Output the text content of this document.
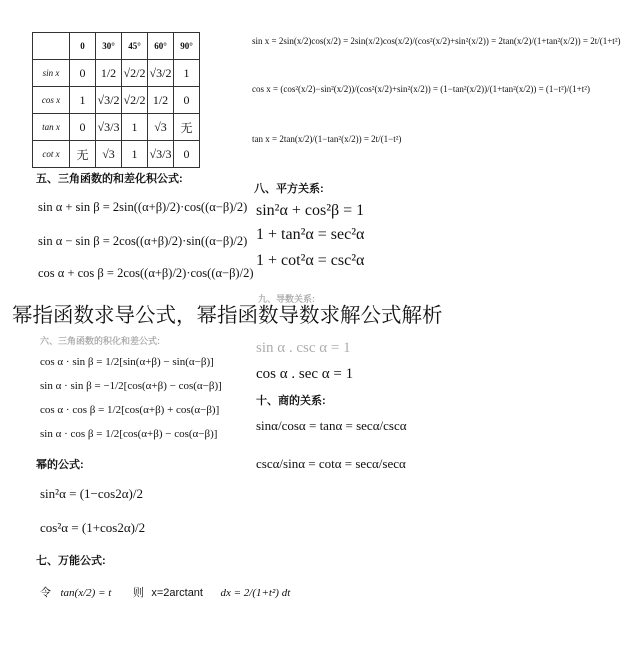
	0	30°	45°	60°	90°
sin x	0	1/2	√2/2	√3/2	1
cos x	1	√3/2	√2/2	1/2	0
tan x	0	√3/3	1	√3	无
cot x	无	√3	1	√3/3	0
sin x = 2sin(x/2)cos(x/2) = 2sin(x/2)cos(x/2)/(cos²(x/2)+sin²(x/2)) = 2tan(x/2)/(1+tan²(x/2)) = 2t/(1+t²)
cos x = (cos²(x/2)−sin²(x/2))/(cos²(x/2)+sin²(x/2)) = (1−tan²(x/2))/(1+tan²(x/2)) = (1−t²)/(1+t²)
tan x = 2tan(x/2)/(1−tan²(x/2)) = 2t/(1−t²)
五、三角函数的和差化积公式:
sin α + sin β = 2sin((α+β)/2)·cos((α−β)/2)
sin α − sin β = 2cos((α+β)/2)·sin((α−β)/2)
cos α + cos β = 2cos((α+β)/2)·cos((α−β)/2)
八、平方关系:
sin²α + cos²β = 1
1 + tan²α = sec²α
1 + cot²α = csc²α
九、导数关系:
六、三角函数的积化和差公式:	sin α . csc α = 1
cos α . sec α = 1
cos α · sin β = 1/2[sin(α+β) − sin(α−β)]
sin α · sin β = −1/2[cos(α+β) − cos(α−β)]
cos α · cos β = 1/2[cos(α+β) + cos(α−β)]
sin α · cos β = 1/2[cos(α+β) − cos(α−β)]
十、商的关系:
sinα/cosα = tanα = secα/cscα
cscα/sinα = cotα = secα/secα
幂的公式:
sin²α = (1−cos2α)/2
cos²α = (1+cos2α)/2
七、万能公式:
令 tan(x/2) = t 则 x=2arctant dx = 2/(1+t²) dt
幂指函数求导公式，幂指函数导数求解公式解析
